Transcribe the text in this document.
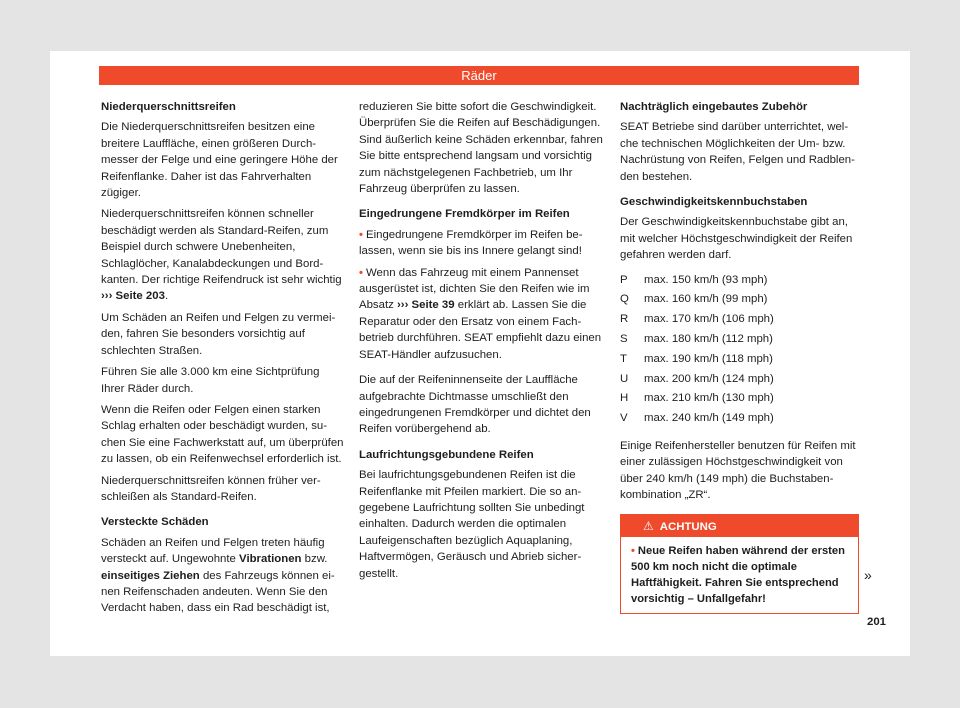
Räder
Niederquerschnittsreifen

Die Niederquerschnittsreifen besitzen eine breitere Lauffläche, einen größeren Durchmesser der Felge und eine geringere Höhe der Reifenflanke. Daher ist das Fahrverhalten zügiger.

Niederquerschnittsreifen können schneller beschädigt werden als Standard-Reifen, zum Beispiel durch schwere Unebenheiten, Schlaglöcher, Kanalabdeckungen und Bordkanten. Der richtige Reifendruck ist sehr wichtig ››› Seite 203.

Um Schäden an Reifen und Felgen zu vermeiden, fahren Sie besonders vorsichtig auf schlechten Straßen.

Führen Sie alle 3.000 km eine Sichtprüfung Ihrer Räder durch.

Wenn die Reifen oder Felgen einen starken Schlag erhalten oder beschädigt wurden, suchen Sie eine Fachwerkstatt auf, um überprüfen zu lassen, ob ein Reifenwechsel erforderlich ist.

Niederquerschnittsreifen können früher verschleißen als Standard-Reifen.

Versteckte Schäden

Schäden an Reifen und Felgen treten häufig versteckt auf. Ungewohnte Vibrationen bzw. einseitiges Ziehen des Fahrzeugs können einen Reifenschaden andeuten. Wenn Sie den Verdacht haben, dass ein Rad beschädigt ist,

reduzieren Sie bitte sofort die Geschwindigkeit. Überprüfen Sie die Reifen auf Beschädigungen. Sind äußerlich keine Schäden erkennbar, fahren Sie bitte entsprechend langsam und vorsichtig zum nächstgelegenen Fachbetrieb, um Ihr Fahrzeug überprüfen zu lassen.

Eingedrungene Fremdkörper im Reifen

• Eingedrungene Fremdkörper im Reifen belassen, wenn sie bis ins Innere gelangt sind!

• Wenn das Fahrzeug mit einem Pannenset ausgerüstet ist, dichten Sie den Reifen wie im Absatz ››› Seite 39 erklärt ab. Lassen Sie die Reparatur oder den Ersatz von einem Fachbetrieb durchführen. SEAT empfiehlt dazu einen SEAT-Händler aufzusuchen.

Die auf der Reifeninnenseite der Lauffläche aufgebrachte Dichtmasse umschließt den eingedrungenen Fremdkörper und dichtet den Reifen vorübergehend ab.

Laufrichtungsgebundene Reifen

Bei laufrichtungsgebundenen Reifen ist die Reifenflanke mit Pfeilen markiert. Die so angegebene Laufrichtung sollten Sie unbedingt einhalten. Dadurch werden die optimalen Laufeigenschaften bezüglich Aquaplaning, Haftvermögen, Geräusch und Abrieb sichergestellt.

Nachträglich eingebautes Zubehör

SEAT Betriebe sind darüber unterrichtet, welche technischen Möglichkeiten der Um- bzw. Nachrüstung von Reifen, Felgen und Radblenden bestehen.

Geschwindigkeitskennbuchstaben

Der Geschwindigkeitskennbuchstabe gibt an, mit welcher Höchstgeschwindigkeit der Reifen gefahren werden darf.

P	max. 150 km/h (93 mph)
Q	max. 160 km/h (99 mph)
R	max. 170 km/h (106 mph)
S	max. 180 km/h (112 mph)
T	max. 190 km/h (118 mph)
U	max. 200 km/h (124 mph)
H	max. 210 km/h (130 mph)
V	max. 240 km/h (149 mph)

Einige Reifenhersteller benutzen für Reifen mit einer zulässigen Höchstgeschwindigkeit von über 240 km/h (149 mph) die Buchstabenkombination „ZR“.

⚠ ACHTUNG
• Neue Reifen haben während der ersten 500 km noch nicht die optimale Haftfähigkeit. Fahren Sie entsprechend vorsichtig – Unfallgefahr!
»
201
